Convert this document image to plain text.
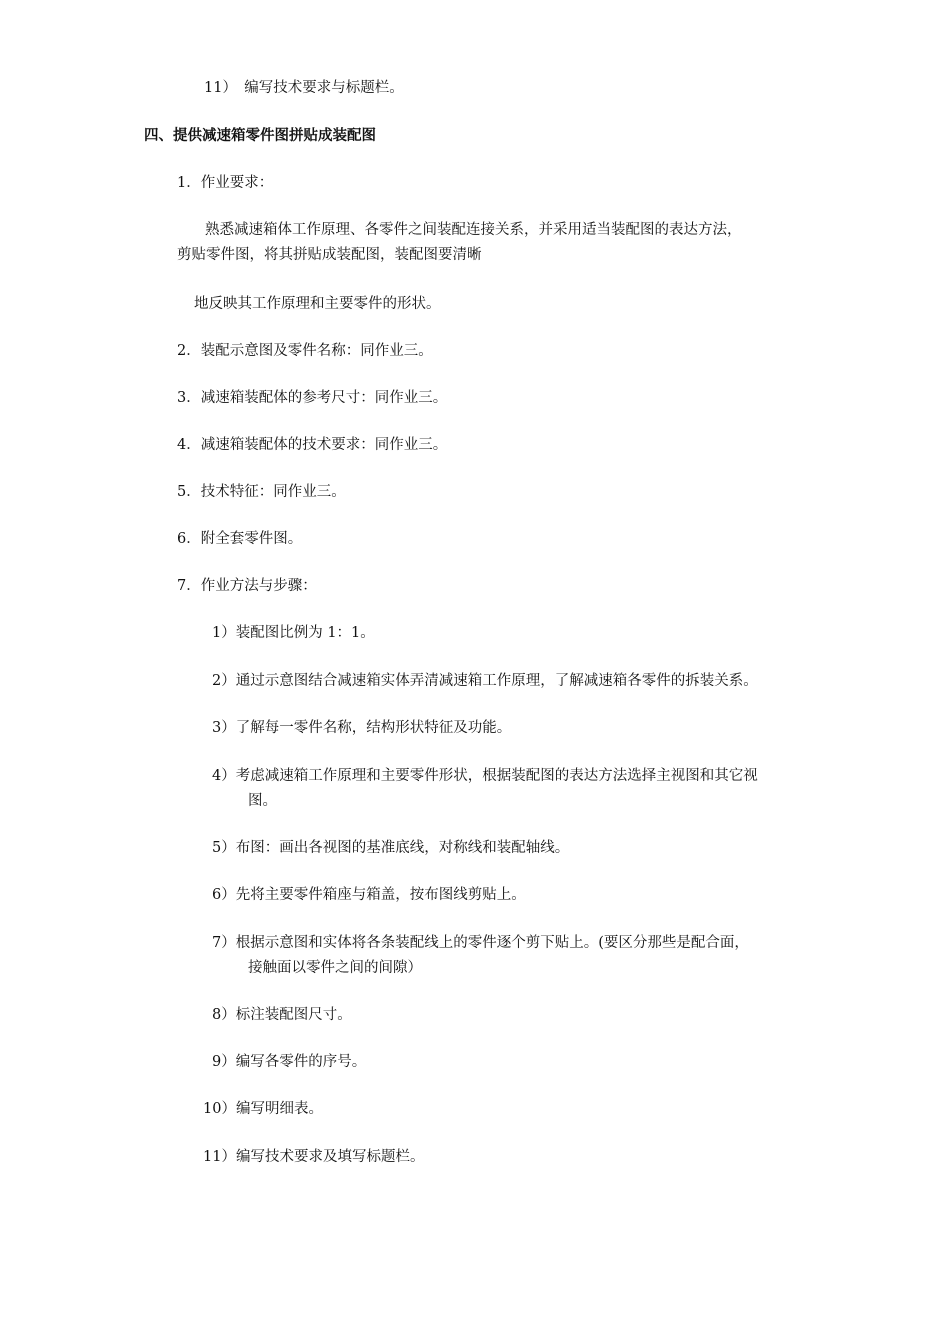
11）　编写技术要求与标题栏。
四、提供减速箱零件图拼贴成装配图
1．作业要求：
熟悉减速箱体工作原理、各零件之间装配连接关系，并采用适当装配图的表达方法，
剪贴零件图，将其拼贴成装配图，装配图要清晰
地反映其工作原理和主要零件的形状。
2．装配示意图及零件名称：同作业三。
3．减速箱装配体的参考尺寸：同作业三。
4．减速箱装配体的技术要求：同作业三。
5．技术特征：同作业三。
6．附全套零件图。
7．作业方法与步骤：
1）装配图比例为 1：1。
2）通过示意图结合减速箱实体弄清减速箱工作原理，了解减速箱各零件的拆装关系。
3）了解每一零件名称，结构形状特征及功能。
4）考虑减速箱工作原理和主要零件形状，根据装配图的表达方法选择主视图和其它视
图。
5）布图：画出各视图的基准底线，对称线和装配轴线。
6）先将主要零件箱座与箱盖，按布图线剪贴上。
7）根据示意图和实体将各条装配线上的零件逐个剪下贴上。(要区分那些是配合面，
接触面以零件之间的间隙）
8）标注装配图尺寸。
9）编写各零件的序号。
10）编写明细表。
11）编写技术要求及填写标题栏。
